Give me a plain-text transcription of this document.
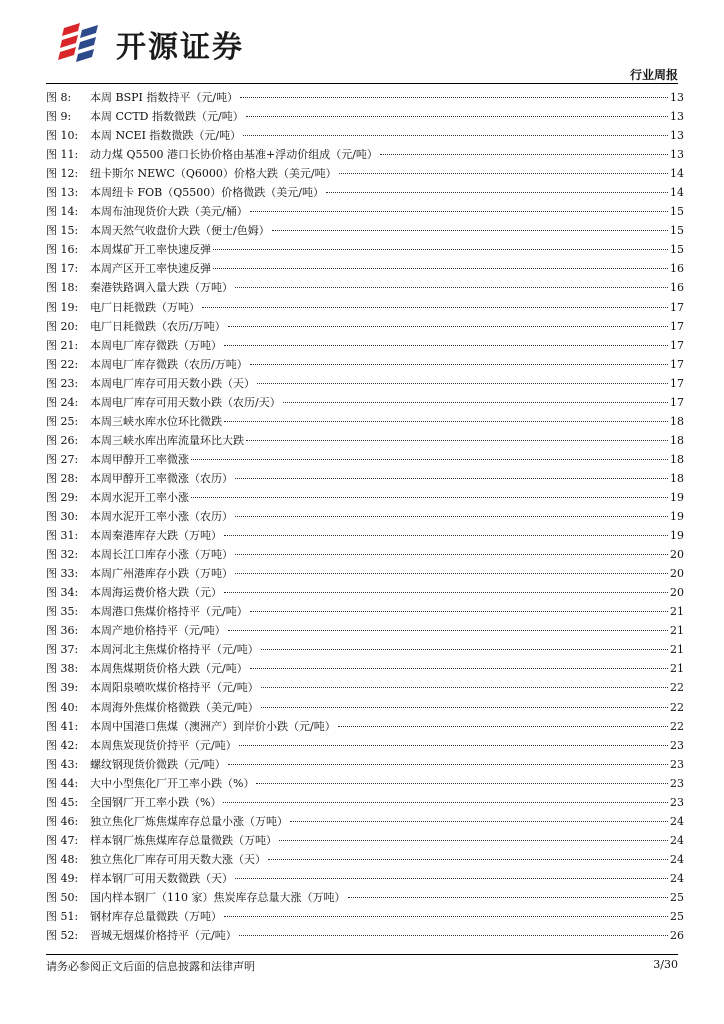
开源证券
行业周报
图 8:	本周 BSPI 指数持平（元/吨）	13
图 9:	本周 CCTD 指数微跌（元/吨）	13
图 10:	本周 NCEI 指数微跌（元/吨）	13
图 11:	动力煤 Q5500 港口长协价格由基准+浮动价组成（元/吨）	13
图 12:	纽卡斯尔 NEWC（Q6000）价格大跌（美元/吨）	14
图 13:	本周纽卡 FOB（Q5500）价格微跌（美元/吨）	14
图 14:	本周布油现货价大跌（美元/桶）	15
图 15:	本周天然气收盘价大跌（便士/色姆）	15
图 16:	本周煤矿开工率快速反弹	15
图 17:	本周产区开工率快速反弹	16
图 18:	秦港铁路调入量大跌（万吨）	16
图 19:	电厂日耗微跌（万吨）	17
图 20:	电厂日耗微跌（农历/万吨）	17
图 21:	本周电厂库存微跌（万吨）	17
图 22:	本周电厂库存微跌（农历/万吨）	17
图 23:	本周电厂库存可用天数小跌（天）	17
图 24:	本周电厂库存可用天数小跌（农历/天）	17
图 25:	本周三峡水库水位环比微跌	18
图 26:	本周三峡水库出库流量环比大跌	18
图 27:	本周甲醇开工率微涨	18
图 28:	本周甲醇开工率微涨（农历）	18
图 29:	本周水泥开工率小涨	19
图 30:	本周水泥开工率小涨（农历）	19
图 31:	本周秦港库存大跌（万吨）	19
图 32:	本周长江口库存小涨（万吨）	20
图 33:	本周广州港库存小跌（万吨）	20
图 34:	本周海运费价格大跌（元）	20
图 35:	本周港口焦煤价格持平（元/吨）	21
图 36:	本周产地价格持平（元/吨）	21
图 37:	本周河北主焦煤价格持平（元/吨）	21
图 38:	本周焦煤期货价格大跌（元/吨）	21
图 39:	本周阳泉喷吹煤价格持平（元/吨）	22
图 40:	本周海外焦煤价格微跌（美元/吨）	22
图 41:	本周中国港口焦煤（澳洲产）到岸价小跌（元/吨）	22
图 42:	本周焦炭现货价持平（元/吨）	23
图 43:	螺纹钢现货价微跌（元/吨）	23
图 44:	大中小型焦化厂开工率小跌（%）	23
图 45:	全国钢厂开工率小跌（%）	23
图 46:	独立焦化厂炼焦煤库存总量小涨（万吨）	24
图 47:	样本钢厂炼焦煤库存总量微跌（万吨）	24
图 48:	独立焦化厂库存可用天数大涨（天）	24
图 49:	样本钢厂可用天数微跌（天）	24
图 50:	国内样本钢厂（110 家）焦炭库存总量大涨（万吨）	25
图 51:	钢材库存总量微跌（万吨）	25
图 52:	晋城无烟煤价格持平（元/吨）	26
请务必参阅正文后面的信息披露和法律声明	3/30
